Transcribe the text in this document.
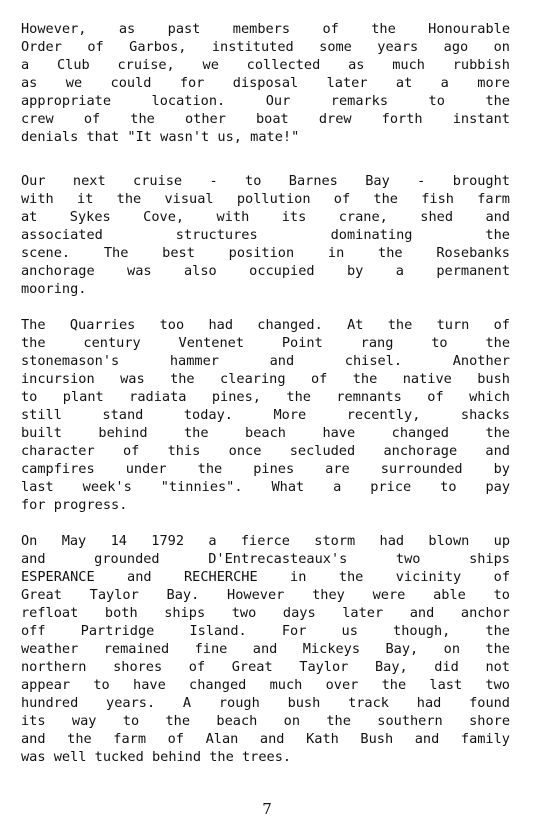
However, as past members of the Honourable
Order of Garbos, instituted some years ago on
a Club cruise, we collected as much rubbish
as we could for disposal later at a more
appropriate location. Our remarks to the
crew of the other boat drew forth instant
denials that "It wasn't us, mate!"
Our next cruise - to Barnes Bay - brought
with it the visual pollution of the fish farm
at Sykes Cove, with its crane, shed and
associated structures dominating the
scene. The best position in the Rosebanks
anchorage was also occupied by a permanent
mooring.
The Quarries too had changed. At the turn of
the century Ventenet Point rang to the
stonemason's hammer and chisel. Another
incursion was the clearing of the native bush
to plant radiata pines, the remnants of which
still stand today. More recently, shacks
built behind the beach have changed the
character of this once secluded anchorage and
campfires under the pines are surrounded by
last week's "tinnies". What a price to pay
for progress.
On May 14 1792 a fierce storm had blown up
and grounded D'Entrecasteaux's two ships
ESPERANCE and RECHERCHE in the vicinity of
Great Taylor Bay. However they were able to
refloat both ships two days later and anchor
off Partridge Island. For us though, the
weather remained fine and Mickeys Bay, on the
northern shores of Great Taylor Bay, did not
appear to have changed much over the last two
hundred years. A rough bush track had found
its way to the beach on the southern shore
and the farm of Alan and Kath Bush and family
was well tucked behind the trees.
7
